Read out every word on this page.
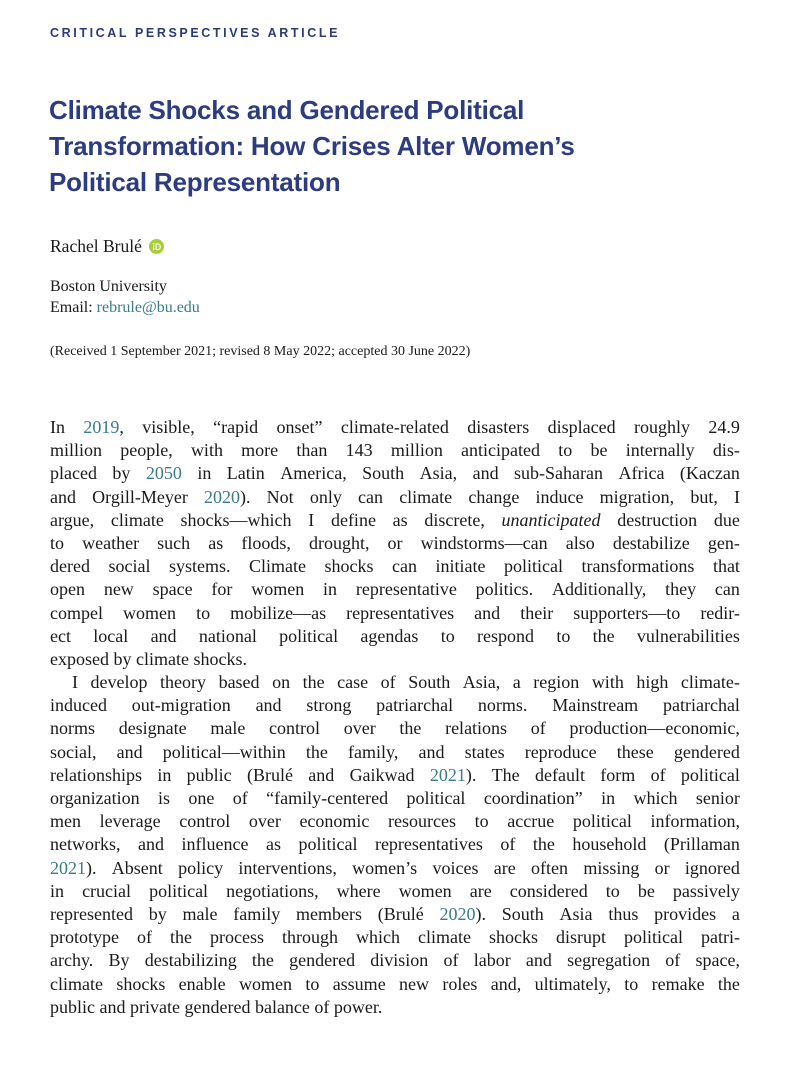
CRITICAL PERSPECTIVES ARTICLE
Climate Shocks and Gendered Political
Transformation: How Crises Alter Women’s
Political Representation
Rachel Brulé
Boston University
Email: rebrule@bu.edu
(Received 1 September 2021; revised 8 May 2022; accepted 30 June 2022)
In 2019, visible, “rapid onset” climate-related disasters displaced roughly 24.9
million people, with more than 143 million anticipated to be internally dis-
placed by 2050 in Latin America, South Asia, and sub-Saharan Africa (Kaczan
and Orgill-Meyer 2020). Not only can climate change induce migration, but, I
argue, climate shocks—which I define as discrete, unanticipated destruction due
to weather such as floods, drought, or windstorms—can also destabilize gen-
dered social systems. Climate shocks can initiate political transformations that
open new space for women in representative politics. Additionally, they can
compel women to mobilize—as representatives and their supporters—to redir-
ect local and national political agendas to respond to the vulnerabilities
exposed by climate shocks.
I develop theory based on the case of South Asia, a region with high climate-
induced out-migration and strong patriarchal norms. Mainstream patriarchal
norms designate male control over the relations of production—economic,
social, and political—within the family, and states reproduce these gendered
relationships in public (Brulé and Gaikwad 2021). The default form of political
organization is one of “family-centered political coordination” in which senior
men leverage control over economic resources to accrue political information,
networks, and influence as political representatives of the household (Prillaman
2021). Absent policy interventions, women’s voices are often missing or ignored
in crucial political negotiations, where women are considered to be passively
represented by male family members (Brulé 2020). South Asia thus provides a
prototype of the process through which climate shocks disrupt political patri-
archy. By destabilizing the gendered division of labor and segregation of space,
climate shocks enable women to assume new roles and, ultimately, to remake the
public and private gendered balance of power.
